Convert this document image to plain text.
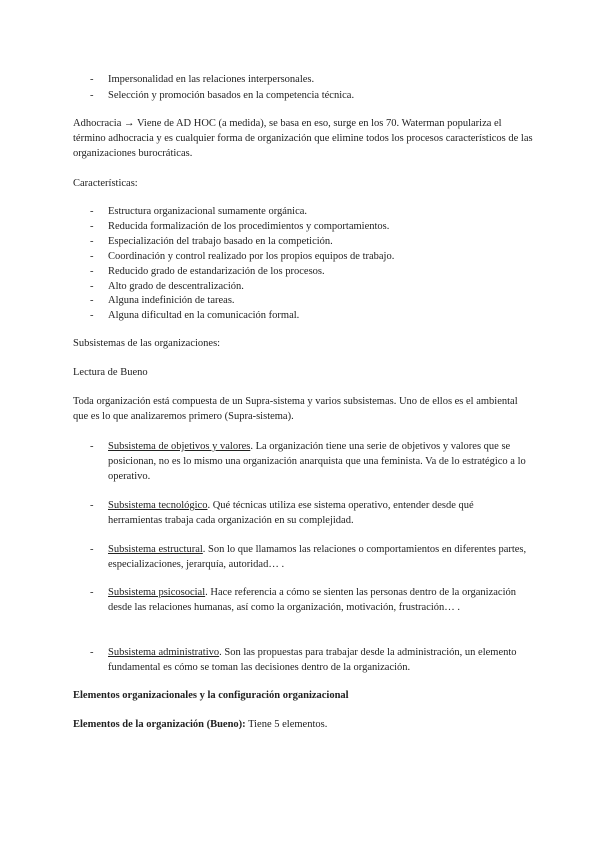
-	Impersonalidad en las relaciones interpersonales.
-	Selección y promoción basados en la competencia técnica.
Adhocracia → Viene de AD HOC (a medida), se basa en eso, surge en los 70. Waterman populariza el término adhocracia y es cualquier forma de organización que elimine todos los procesos característicos de las organizaciones burocráticas.
Características:
-	Estructura organizacional sumamente orgánica.
-	Reducida formalización de los procedimientos y comportamientos.
-	Especialización del trabajo basado en la competición.
-	Coordinación y control realizado por los propios equipos de trabajo.
-	Reducido grado de estandarización de los procesos.
-	Alto grado de descentralización.
-	Alguna indefinición de tareas.
-	Alguna dificultad en la comunicación formal.
Subsistemas de las organizaciones:
Lectura de Bueno
Toda organización está compuesta de un Supra-sistema y varios subsistemas. Uno de ellos es el ambiental que es lo que analizaremos primero (Supra-sistema).
-	Subsistema de objetivos y valores. La organización tiene una serie de objetivos y valores que se posicionan, no es lo mismo una organización anarquista que una feminista. Va de lo estratégico a lo operativo.
-	Subsistema tecnológico. Qué técnicas utiliza ese sistema operativo, entender desde qué herramientas trabaja cada organización en su complejidad.
-	Subsistema estructural. Son lo que llamamos las relaciones o comportamientos en diferentes partes, especializaciones, jerarquía, autoridad… .
-	Subsistema psicosocial. Hace referencia a cómo se sienten las personas dentro de la organización desde las relaciones humanas, así como la organización, motivación, frustración… .
-	Subsistema administrativo. Son las propuestas para trabajar desde la administración, un elemento fundamental es cómo se toman las decisiones dentro de la organización.
Elementos organizacionales y la configuración organizacional
Elementos de la organización (Bueno): Tiene 5 elementos.
